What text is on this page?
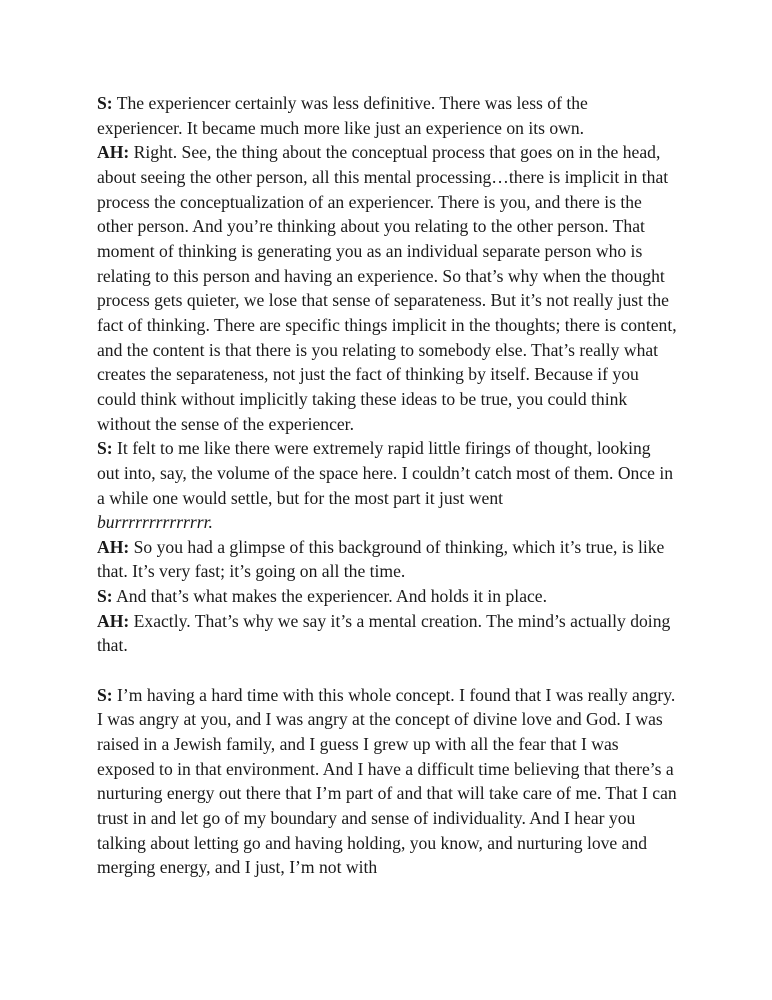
S: The experiencer certainly was less definitive. There was less of the experiencer. It became much more like just an experience on its own.

AH: Right. See, the thing about the conceptual process that goes on in the head, about seeing the other person, all this mental processing…there is implicit in that process the conceptualization of an experiencer. There is you, and there is the other person. And you’re thinking about you relating to the other person. That moment of thinking is generating you as an individual separate person who is relating to this person and having an experience. So that’s why when the thought process gets quieter, we lose that sense of separateness. But it’s not really just the fact of thinking. There are specific things implicit in the thoughts; there is content, and the content is that there is you relating to somebody else. That’s really what creates the separateness, not just the fact of thinking by itself. Because if you could think without implicitly taking these ideas to be true, you could think without the sense of the experiencer.

S: It felt to me like there were extremely rapid little firings of thought, looking out into, say, the volume of the space here. I couldn’t catch most of them. Once in a while one would settle, but for the most part it just went
burrrrrrrrrrrrrr.

AH: So you had a glimpse of this background of thinking, which it’s true, is like that. It’s very fast; it’s going on all the time.

S: And that’s what makes the experiencer. And holds it in place.

AH: Exactly. That’s why we say it’s a mental creation. The mind’s actually doing that.

S: I’m having a hard time with this whole concept. I found that I was really angry. I was angry at you, and I was angry at the concept of divine love and God. I was raised in a Jewish family, and I guess I grew up with all the fear that I was exposed to in that environment. And I have a difficult time believing that there’s a nurturing energy out there that I’m part of and that will take care of me. That I can trust in and let go of my boundary and sense of individuality. And I hear you talking about letting go and having holding, you know, and nurturing love and merging energy, and I just, I’m not with
